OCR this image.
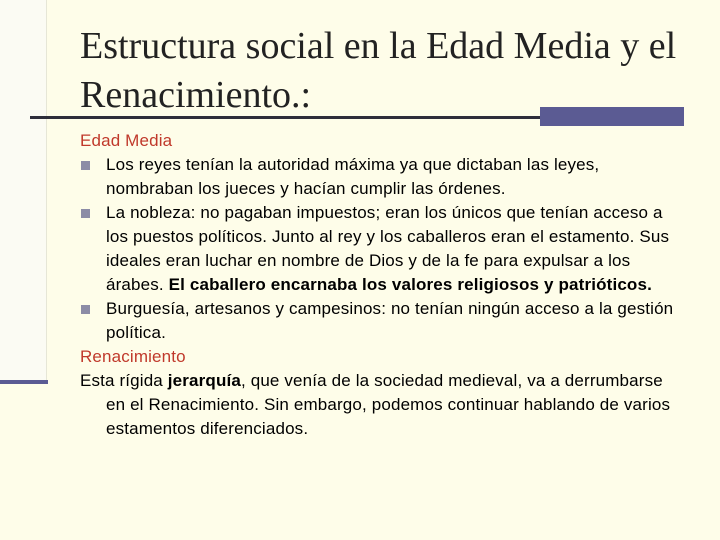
Estructura social en la Edad Media y el Renacimiento.:
Edad Media
Los reyes tenían la autoridad máxima ya que dictaban las leyes, nombraban los jueces y hacían cumplir las órdenes.
La nobleza: no pagaban impuestos; eran los únicos que tenían acceso a los puestos políticos. Junto al rey y los caballeros eran el estamento. Sus ideales eran luchar en nombre de Dios y de la fe para expulsar a los árabes. El caballero encarnaba los valores religiosos y patrióticos.
Burguesía, artesanos y campesinos: no tenían ningún acceso a la gestión política.
Renacimiento
Esta rígida jerarquía, que venía de la sociedad medieval, va a derrumbarse en el Renacimiento. Sin embargo, podemos continuar hablando de varios estamentos diferenciados.
